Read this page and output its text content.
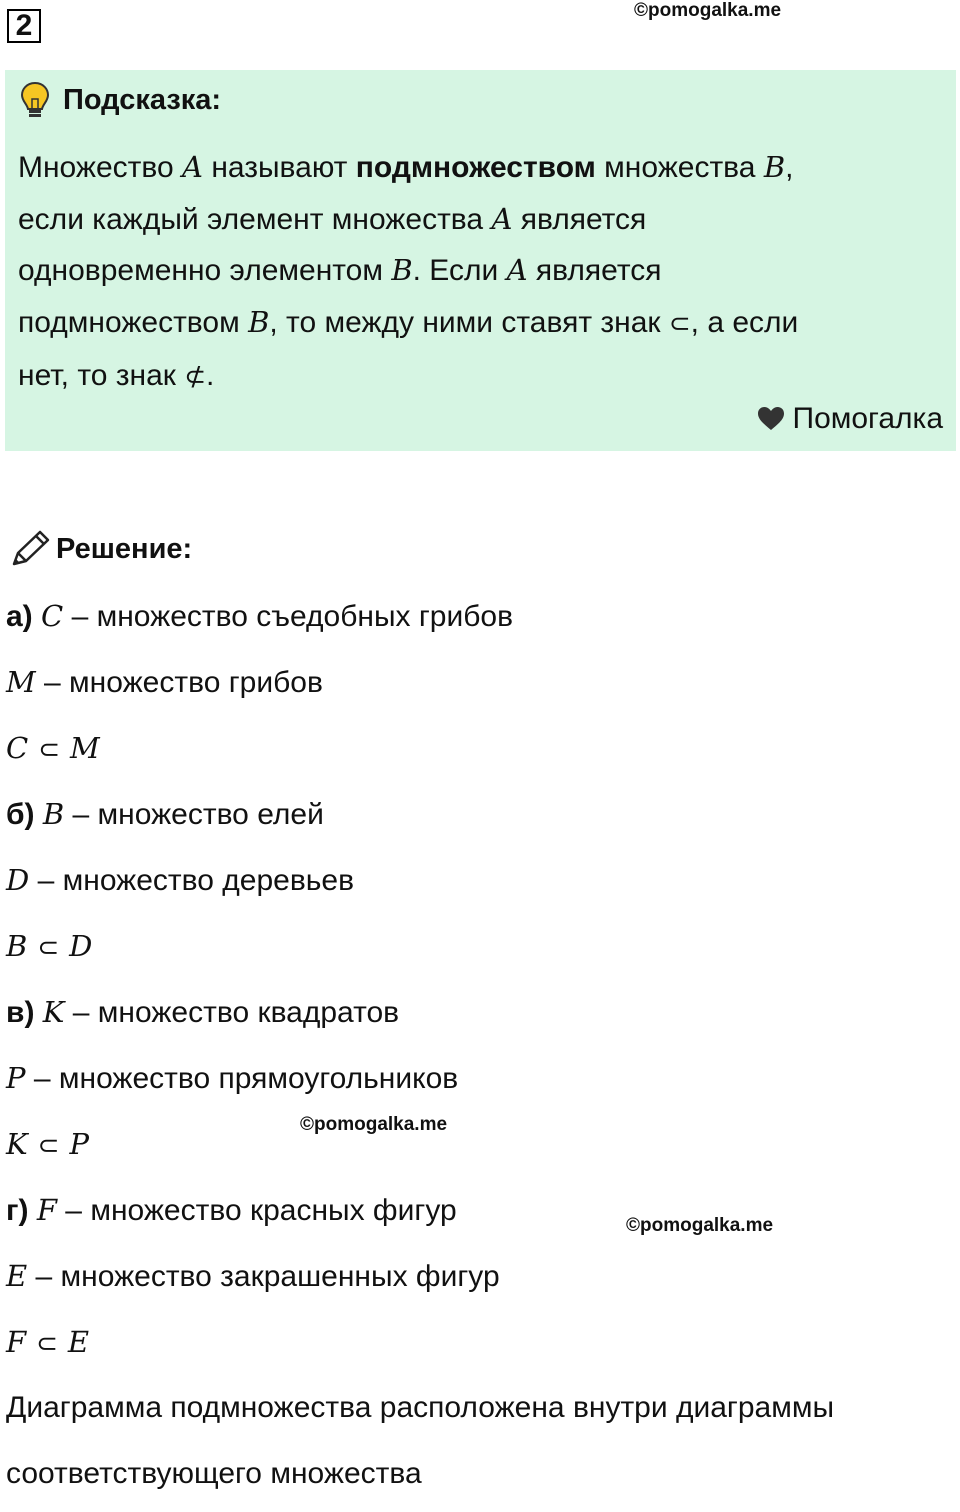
2	©pomogalka.me
Подсказка:
Множество A называют подмножеством множества B,
если каждый элемент множества A является
одновременно элементом B. Если A является
подмножеством B, то между ними ставят знак ⊂, а если
нет, то знак ⊄.
Помогалка
Решение:
а) C – множество съедобных грибов
M – множество грибов
C ⊂ M
б) B – множество елей
D – множество деревьев
B ⊂ D
в) K – множество квадратов
P – множество прямоугольников
K ⊂ P
г) F – множество красных фигур
E – множество закрашенных фигур
F ⊂ E
Диаграмма подмножества расположена внутри диаграммы
соответствующего множества
©pomogalka.me
©pomogalka.me
